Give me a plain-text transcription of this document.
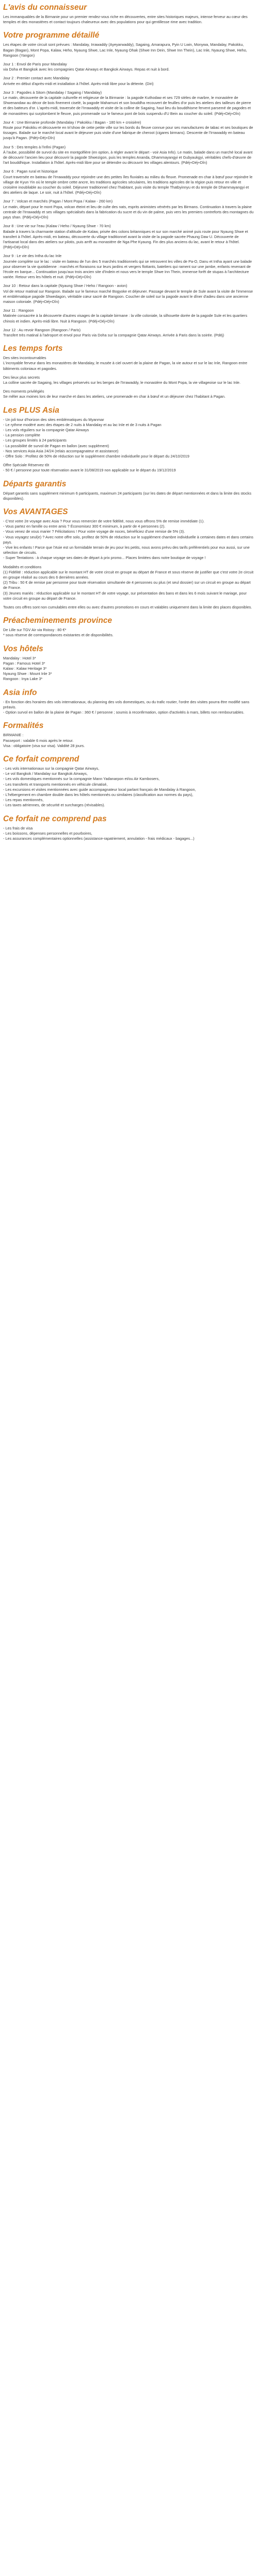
L'avis du connaisseur

Les immanquables de la Birmanie pour un premier rendez-vous riche en découvertes, entre sites historiques majeurs, intense ferveur au cœur des temples et des monastères et contact toujours chaleureux avec des populations pour qui gentillesse rime avec tradition.

Votre programme détaillé

Les étapes de votre circuit sont prévues : Mandalay, Irrawaddy (Ayeyarwaddy), Sagaing, Amarapura, Pyin U Lwin, Monywa, Mandalay, Pakokku, Bagan (Bagan), Mont Popa, Kalaw, Heho, Nyaung Shwe, Lac Inle, Nyaung Ohak (Shwe Inn Dein, Shwe Inn Thein), Lac Inle, Nyaung Shwe, Heho, Rangoon (Yangon)

Jour 1 : Envol de Paris pour Mandalay

via Doha et Bangkok avec les compagnies Qatar Airways et Bangkok Airways. Repas et nuit à bord.

Jour 2 : Premier contact avec Mandalay

Arrivée en début d'après-midi et installation à l'hôtel. Après-midi libre pour la détente. (Diri)

Jour 3 : Pagodes à Sitom (Mandalay / Sagaing / Mandalay)

Le matin, découverte de la capitale culturelle et religieuse de la Birmanie : la pagode Kuthodaw et ses 729 stèles de marbre, le monastère de Shwenandaw au décor de bois finement ciselé, la pagode Mahamuni et son bouddha recouvert de feuilles d'or puis les ateliers des tailleurs de pierre et des batteurs d'or. L'après-midi, traversée de l'Irrawaddy et visite de la colline de Sagaing, haut lieu du bouddhisme fervent parsemé de pagodes et de monastères qui surplombent le fleuve, puis promenade sur le fameux pont de bois suspendu d'U Bein au coucher du soleil. (Pdéj+Déj+Dîn)

Jour 4 : Une Birmanie profonde (Mandalay / Pakokku / Bagan - 180 km + croisière)

Route pour Pakokku et découverte en tri'show de cette petite ville sur les bords du fleuve connue pour ses manufactures de tabac et ses boutiques de tissages. Balade sur le marché local avant le déjeuner puis visite d'une fabrique de cheroot (cigares birmans). Descente de l'Irrawaddy en bateau jusqu'à Pagan. (Pdéj+Déj+Dîn)

Jour 5 : Des temples à l'infini (Pagan)

À l'aube, possibilité de survol du site en montgolfière (en option, à régler avant le départ - voir Asia Info). Le matin, balade dans un marché local avant de découvrir l'ancien lieu pour découvrir la pagode Shwezigon, puis les temples Ananda, Dhammayangyi et Gubyaukgyi, véritables chefs-d'œuvre de l'art bouddhique. Installation à l'hôtel. Après-midi libre pour se détendre ou découvrir les villages alentours. (Pdéj+Déj+Dîn)

Jour 6 : Pagan rural et historique

Court traversée en bateau de l'Irrawaddy pour rejoindre une des petites îles fluviales au milieu du fleuve. Promenade en char à bœuf pour rejoindre le village de Kyun Yin où le temple ombre cette ancre, les traditions agricoles séculaires, les traditions agricoles de la région puis retour en ville et croisière inoubliable au coucher du soleil. Déjeuner traditionnel chez l'habitant, puis visite du temple Thatbyinnyu et du temple de Dhammayangyi et des ateliers de laque. Le soir, nuit à l'hôtel. (Pdéj+Déj+Dîn)

Jour 7 : Volcan et marchés (Pagan / Mont Popa / Kalaw - 260 km)

Le matin, départ pour le mont Popa, volcan éteint et lieu de culte des nats, esprits animistes vénérés par les Birmans. Continuation à travers la plaine centrale de l'Irrawaddy et ses villages spécialisés dans la fabrication du sucre et du vin de palme, puis vers les premiers contreforts des montagnes du pays shan. (Pdéj+Déj+Dîn)

Jour 8 : Une vie sur l'eau (Kalaw / Heho / Nyaung Shwe - 70 km)

Balade à travers la charmante station d'altitude de Kalaw, prisée des colons britanniques et sur son marché animé puis route pour Nyaung Shwe et transfert à l'hôtel. Après-midi, en bateau, découverte du village traditionnel avant la visite de la pagode sacrée Phaung Daw U. Découverte de l'artisanat local dans des ateliers sur pilotis, puis arrêt au monastère de Nga Phe Kyaung. Fin des plus anciens du lac, avant le retour à l'hôtel. (Pdéj+Déj+Dîn)

Jour 9 : Le vie des Intha du lac Inle

Journée complète sur le lac : visite en bateau de l'un des 5 marchés traditionnels qui se retrouvent les villes de Pa-O, Danu et Intha ayant une balade pour observer la vie quotidienne : marchés et floraisons sur leurs jardins et vergers flottants, bateliers qui rament sur une jambe, enfants revenant de l'école en barque... Continuation jusqu'aux trois ancien site d'Indein et nous vers le temple Shwe Inn Thein, immense forêt de stupas à l'architecture variée. Retour vers les hôtels et nuit. (Pdéj+Déj+Dîn)

Jour 10 : Retour dans la capitale (Nyaung Shwe / Heho / Rangoon - avion)

Vol de retour matinal sur Rangoon. Balade sur le fameux marché Bogyoke et déjeuner. Passage devant le temple de Sule avant la visite de l'immense et emblématique pagode Shwedagon, véritable cœur sacré de Rangoon. Coucher de soleil sur la pagode avant le dîner d'adieu dans une ancienne maison coloniale. (Pdéj+Déj+Dîn)

Jour 11 : Rangoon

Matinée consacrée à la découverte d'autres visages de la capitale birmane : la ville coloniale, la silhouette dorée de la pagode Sule et les quartiers chinois et indien. Après-midi libre. Nuit à Rangoon. (Pdéj+Déj+Dîn)

Jour 12 : Au revoir Rangoon (Rangoon / Paris)

Transfert très matinal à l'aéroport et envol pour Paris via Doha sur la compagnie Qatar Airways. Arrivée à Paris dans la soirée. (Pdéj)

Les temps forts

Des sites incontournables

L'incroyable ferveur dans les monastères de Mandalay, le musée à ciel ouvert de la plaine de Pagan, la vie autour et sur le lac Inle, Rangoon entre bâtiments coloniaux et pagodes.

Des lieux plus secrets

La colline sacrée de Sagaing, les villages préservés sur les berges de l'Irrawaddy, le monastère du Mont Popa, la vie villageoise sur le lac Inle.

Des moments privilégiés

Se mêler aux moines lors de leur marche et dans les ateliers, une promenade en char à bœuf et un déjeuner chez l'habitant à Pagan.

Les PLUS Asia

- Un joli tour d'horizon des sites emblématiques du Myanmar

- Le rythme modéré avec des étapes de 2 nuits à Mandalay et au lac Inle et de 3 nuits à Pagan

- Les vols réguliers sur la compagnie Qatar Airways

- La pension complète

- Les groupes limités à 24 participants

- La possibilité de survol de Pagan en ballon (avec supplément)

- Nos services Asia Asia 24/24 (relais accompagnateur et assistance)

- Offre Solo : Profitez de 50% de réduction sur le supplément chambre individuelle pour le départ du 24/10/2019

Offre Spéciale Réservez tôt

- 50 € / personne pour toute réservation avant le 31/08/2019 non applicable sur le départ du 19/12/2019

Départs garantis

Départ garantis sans supplément minimum 6 participants, maximum 24 participants (sur les dates de départ mentionnées et dans la limite des stocks disponibles).

Vos AVANTAGES

- C'est votre 2e voyage avec Asia ? Pour vous remercier de votre fidélité, nous vous offrons 5% de remise immédiate (1).

- Vous partez en famille ou entre amis ? Économisez 300 € minimum, à partir de 4 personnes (2).

- Vous venez de vous marier ? Félicitations ! Pour votre voyage de noces, bénéficiez d'une remise de 5% (3).

- Vous voyagez seul(e) ? Avec notre offre solo, profitez de 50% de réduction sur le supplément chambre individuelle à certaines dates et dans certains pays.

- Vive les enfants ! Parce que l'Asie est un formidable terrain de jeu pour les petits, nous avons prévu des tarifs préférentiels pour eux aussi, sur une sélection de circuits.

- Super Tentations : à chaque voyage ses dates de départ à prix promo... Places limitées dans notre boutique de voyage !

Modalités et conditions

(1) Fidélité : réduction applicable sur le montant HT de votre circuit en groupe au départ de France et sous réserve de justifier que c'est votre 2e circuit en groupe réalisé au cours des 6 dernières années.

(2) Tribu : 50 € de remise par personne pour toute réservation simultanée de 4 personnes ou plus (et seul dossier) sur un circuit en groupe au départ de France.

(3) Jeunes mariés : réduction applicable sur le montant HT de votre voyage, sur présentation des bans et dans les 6 mois suivant le mariage, pour votre circuit en groupe au départ de France.

Toutes ces offres sont non cumulables entre elles ou avec d'autres promotions en cours et valables uniquement dans la limite des places disponibles.

Préacheminements province

De Lille sur TGV Air via Roissy : 80 €*

* sous réserve de correspondances existantes et de disponibilités.

Vos hôtels

Mandalay : Hotel 3*

Pagan : Famous Hotel 3*

Kalaw : Kalaw Heritage 3*

Nyaung Shwe : Mount Inle 3*

Rangoon : Inya Lake 3*

Asia info

- En fonction des horaires des vols internationaux, du planning des vols domestiques, ou du trafic routier, l'ordre des visites pourra être modifié sans préavis.

- Option survol en ballon de la plaine de Pagan : 360 € / personne ; soumis à reconfirmation, option d'activités à mars, billets non remboursables.

Formalités

BIRMANIE :

Passeport : valable 6 mois après le retour.

Visa : obligatoire (visa sur visa). Validité 28 jours.

Ce forfait comprend

- Les vols internationaux sur la compagnie Qatar Airways,

- Le vol Bangkok / Mandalay sur Bangkok Airways,

- Les vols domestiques mentionnés sur la compagnie Mann Yadanarpon et/ou Air Kambosers,

- Les transferts et transports mentionnés en véhicule climatisé,

- Les excursions et visites mentionnées avec guide accompagnateur local parlant français de Mandalay à Rangoon,

- L'hébergement en chambre double dans les hôtels mentionnés ou similaires (classification aux normes du pays),

- Les repas mentionnés,

- Les taxes aériennes, de sécurité et surcharges (révisables).

Ce forfait ne comprend pas

- Les frais de visa

- Les boissons, dépenses personnelles et pourboires,

- Les assurances complémentaires optionnelles (assistance-rapatriement, annulation - frais médicaux - bagages...)
